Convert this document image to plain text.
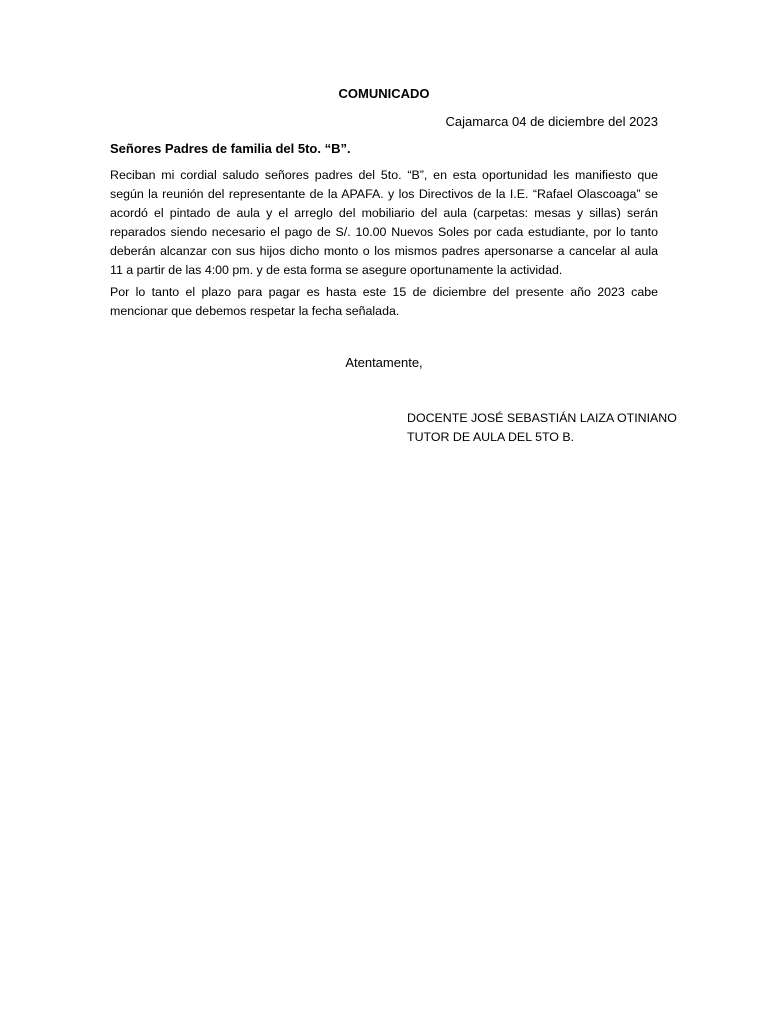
COMUNICADO
Cajamarca 04 de diciembre del 2023
Señores Padres de familia del 5to. “B”.
Reciban mi cordial saludo señores padres del 5to. “B”, en esta oportunidad les manifiesto que según la reunión del representante de la APAFA. y los Directivos de la I.E. “Rafael Olascoaga” se acordó el pintado de aula y el arreglo del mobiliario del aula (carpetas: mesas y sillas) serán reparados siendo necesario el pago de S/. 10.00 Nuevos Soles por cada estudiante, por lo tanto deberán alcanzar con sus hijos dicho monto o los mismos padres apersonarse a cancelar al aula 11 a partir de las 4:00 pm. y de esta forma se asegure oportunamente la actividad.
Por lo tanto el plazo para pagar es hasta este 15 de diciembre del presente año 2023 cabe mencionar que debemos respetar la fecha señalada.
Atentamente,
DOCENTE JOSÉ SEBASTIÁN LAIZA OTINIANO
TUTOR DE AULA DEL 5TO B.
